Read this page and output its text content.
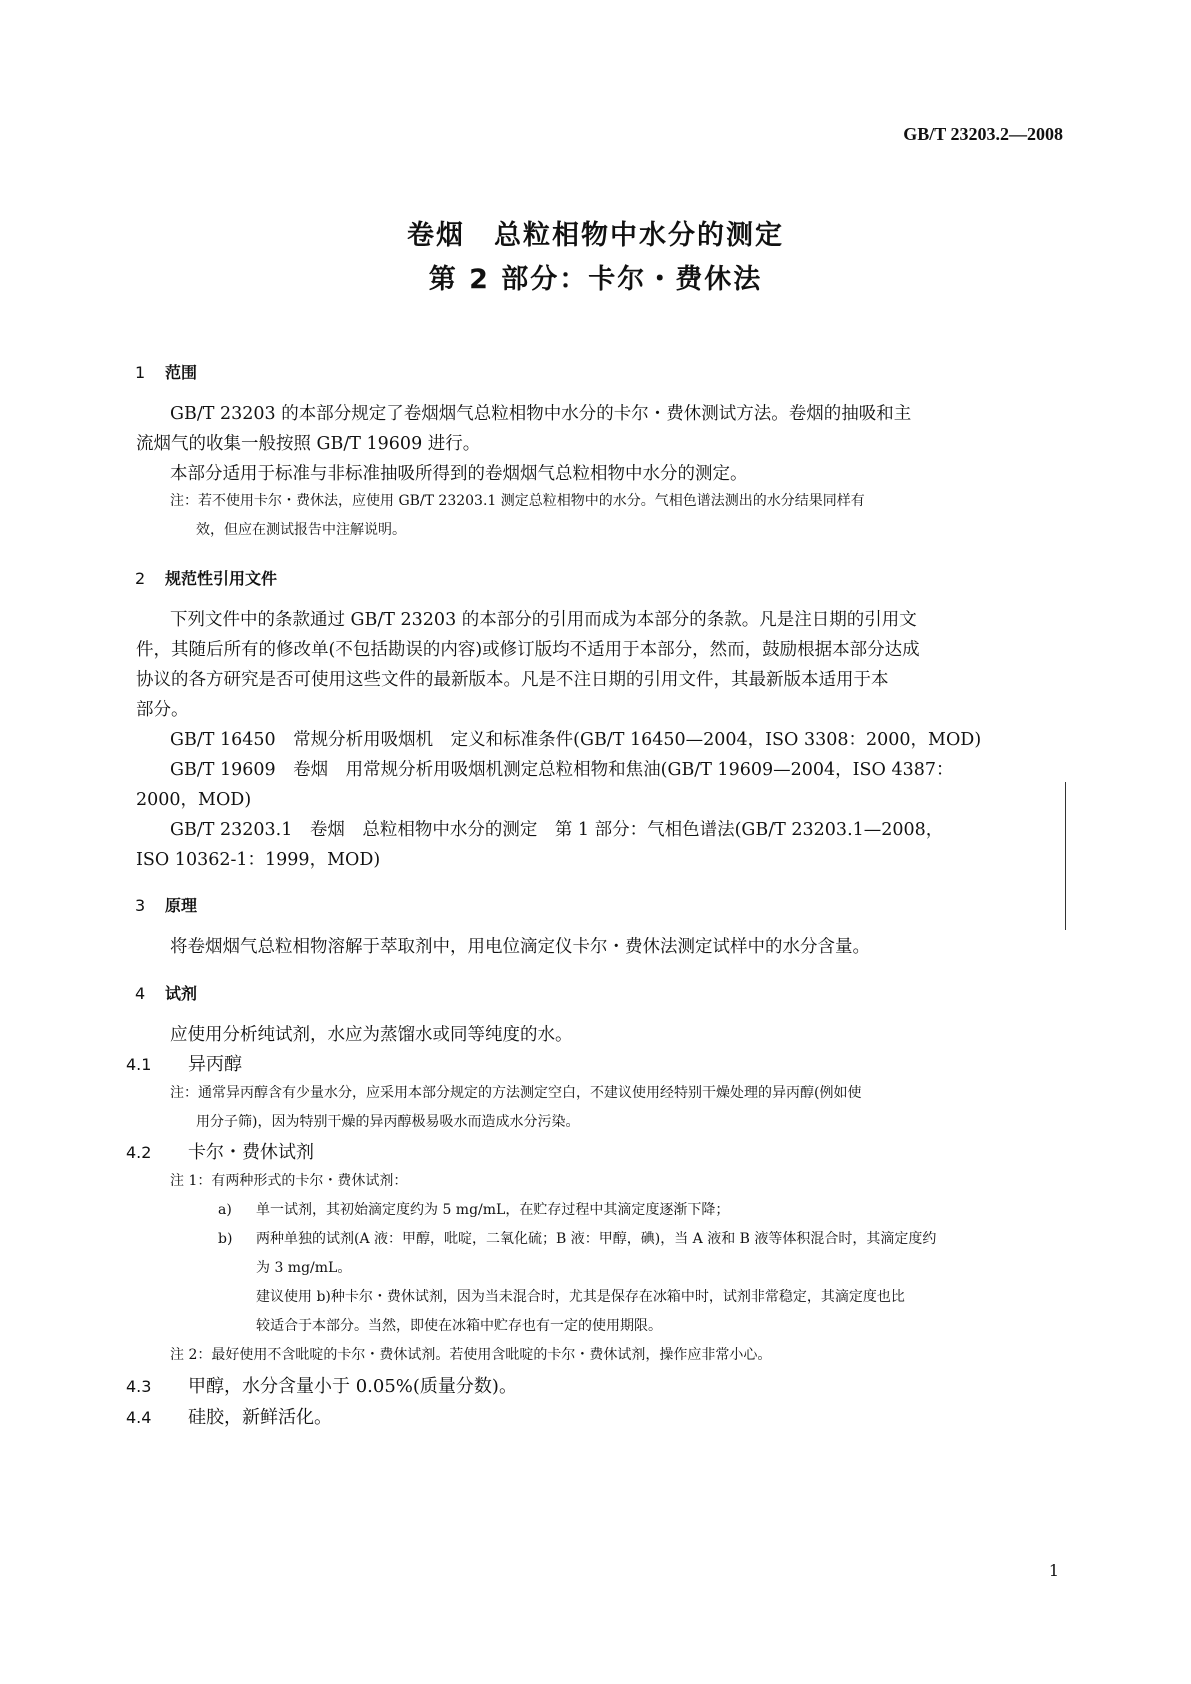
GB/T 23203.2—2008
卷烟　总粒相物中水分的测定
第 2 部分：卡尔・费休法
1 范围
GB/T 23203 的本部分规定了卷烟烟气总粒相物中水分的卡尔・费休测试方法。卷烟的抽吸和主
流烟气的收集一般按照 GB/T 19609 进行。
本部分适用于标准与非标准抽吸所得到的卷烟烟气总粒相物中水分的测定。
注：若不使用卡尔・费休法，应使用 GB/T 23203.1 测定总粒相物中的水分。气相色谱法测出的水分结果同样有
效，但应在测试报告中注解说明。
2 规范性引用文件
下列文件中的条款通过 GB/T 23203 的本部分的引用而成为本部分的条款。凡是注日期的引用文
件，其随后所有的修改单(不包括勘误的内容)或修订版均不适用于本部分，然而，鼓励根据本部分达成
协议的各方研究是否可使用这些文件的最新版本。凡是不注日期的引用文件，其最新版本适用于本
部分。
GB/T 16450　常规分析用吸烟机　定义和标准条件(GB/T 16450—2004，ISO 3308：2000，MOD)
GB/T 19609　卷烟　用常规分析用吸烟机测定总粒相物和焦油(GB/T 19609—2004，ISO 4387：
2000，MOD)
GB/T 23203.1　卷烟　总粒相物中水分的测定　第 1 部分：气相色谱法(GB/T 23203.1—2008，
ISO 10362-1：1999，MOD)
3 原理
将卷烟烟气总粒相物溶解于萃取剂中，用电位滴定仪卡尔・费休法测定试样中的水分含量。
4 试剂
应使用分析纯试剂，水应为蒸馏水或同等纯度的水。
4.1 异丙醇
注：通常异丙醇含有少量水分，应采用本部分规定的方法测定空白，不建议使用经特别干燥处理的异丙醇(例如使
用分子筛)，因为特别干燥的异丙醇极易吸水而造成水分污染。
4.2 卡尔・费休试剂
注 1：有两种形式的卡尔・费休试剂：
a) 单一试剂，其初始滴定度约为 5 mg/mL，在贮存过程中其滴定度逐渐下降；
b) 两种单独的试剂(A 液：甲醇，吡啶，二氧化硫；B 液：甲醇，碘)，当 A 液和 B 液等体积混合时，其滴定度约
为 3 mg/mL。
建议使用 b)种卡尔・费休试剂，因为当未混合时，尤其是保存在冰箱中时，试剂非常稳定，其滴定度也比
较适合于本部分。当然，即使在冰箱中贮存也有一定的使用期限。
注 2：最好使用不含吡啶的卡尔・费休试剂。若使用含吡啶的卡尔・费休试剂，操作应非常小心。
4.3 甲醇，水分含量小于 0.05%(质量分数)。
4.4 硅胶，新鲜活化。
1
